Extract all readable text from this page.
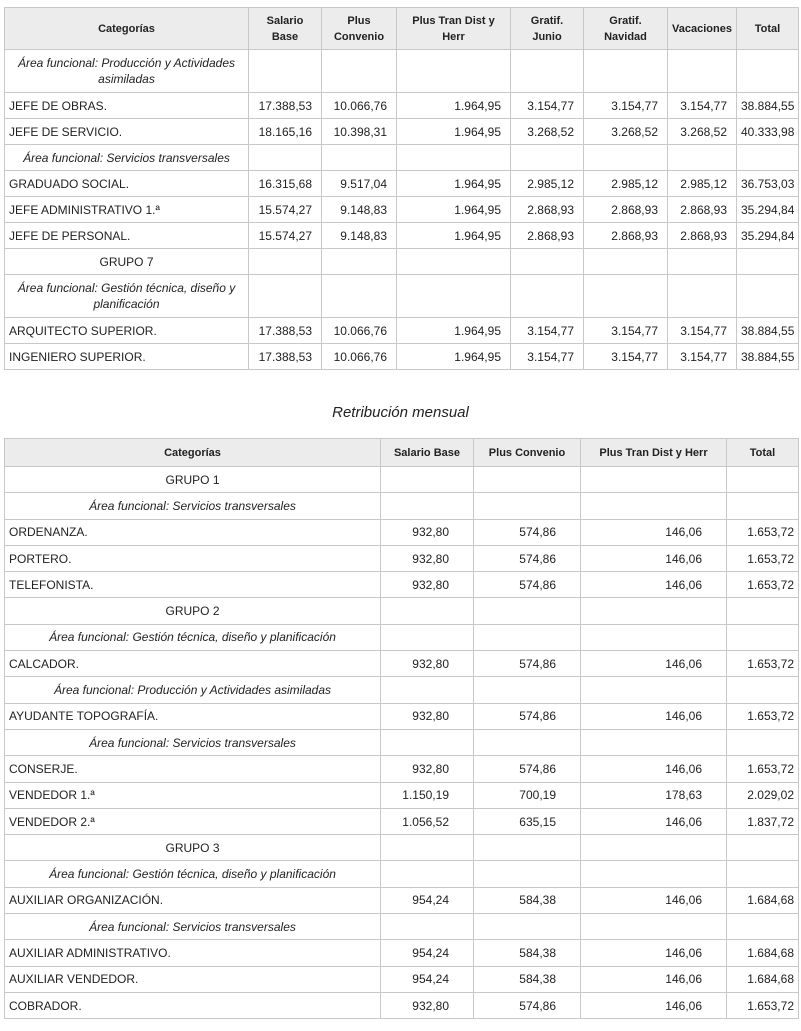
Categorías	Salario Base	Plus Convenio	Plus Tran Dist y Herr	Gratif. Junio	Gratif. Navidad	Vacaciones	Total
Área funcional: Producción y Actividades asimiladas							
JEFE DE OBRAS.	17.388,53	10.066,76	1.964,95	3.154,77	3.154,77	3.154,77	38.884,55
JEFE DE SERVICIO.	18.165,16	10.398,31	1.964,95	3.268,52	3.268,52	3.268,52	40.333,98
Área funcional: Servicios transversales							
GRADUADO SOCIAL.	16.315,68	9.517,04	1.964,95	2.985,12	2.985,12	2.985,12	36.753,03
JEFE ADMINISTRATIVO 1.ª	15.574,27	9.148,83	1.964,95	2.868,93	2.868,93	2.868,93	35.294,84
JEFE DE PERSONAL.	15.574,27	9.148,83	1.964,95	2.868,93	2.868,93	2.868,93	35.294,84
GRUPO 7							
Área funcional: Gestión técnica, diseño y planificación							
ARQUITECTO SUPERIOR.	17.388,53	10.066,76	1.964,95	3.154,77	3.154,77	3.154,77	38.884,55
INGENIERO SUPERIOR.	17.388,53	10.066,76	1.964,95	3.154,77	3.154,77	3.154,77	38.884,55
Retribución mensual
Categorías	Salario Base	Plus Convenio	Plus Tran Dist y Herr	Total
GRUPO 1				
Área funcional: Servicios transversales				
ORDENANZA.	932,80	574,86	146,06	1.653,72
PORTERO.	932,80	574,86	146,06	1.653,72
TELEFONISTA.	932,80	574,86	146,06	1.653,72
GRUPO 2				
Área funcional: Gestión técnica, diseño y planificación				
CALCADOR.	932,80	574,86	146,06	1.653,72
Área funcional: Producción y Actividades asimiladas				
AYUDANTE TOPOGRAFÍA.	932,80	574,86	146,06	1.653,72
Área funcional: Servicios transversales				
CONSERJE.	932,80	574,86	146,06	1.653,72
VENDEDOR 1.ª	1.150,19	700,19	178,63	2.029,02
VENDEDOR 2.ª	1.056,52	635,15	146,06	1.837,72
GRUPO 3				
Área funcional: Gestión técnica, diseño y planificación				
AUXILIAR ORGANIZACIÓN.	954,24	584,38	146,06	1.684,68
Área funcional: Servicios transversales				
AUXILIAR ADMINISTRATIVO.	954,24	584,38	146,06	1.684,68
AUXILIAR VENDEDOR.	954,24	584,38	146,06	1.684,68
COBRADOR.	932,80	574,86	146,06	1.653,72
